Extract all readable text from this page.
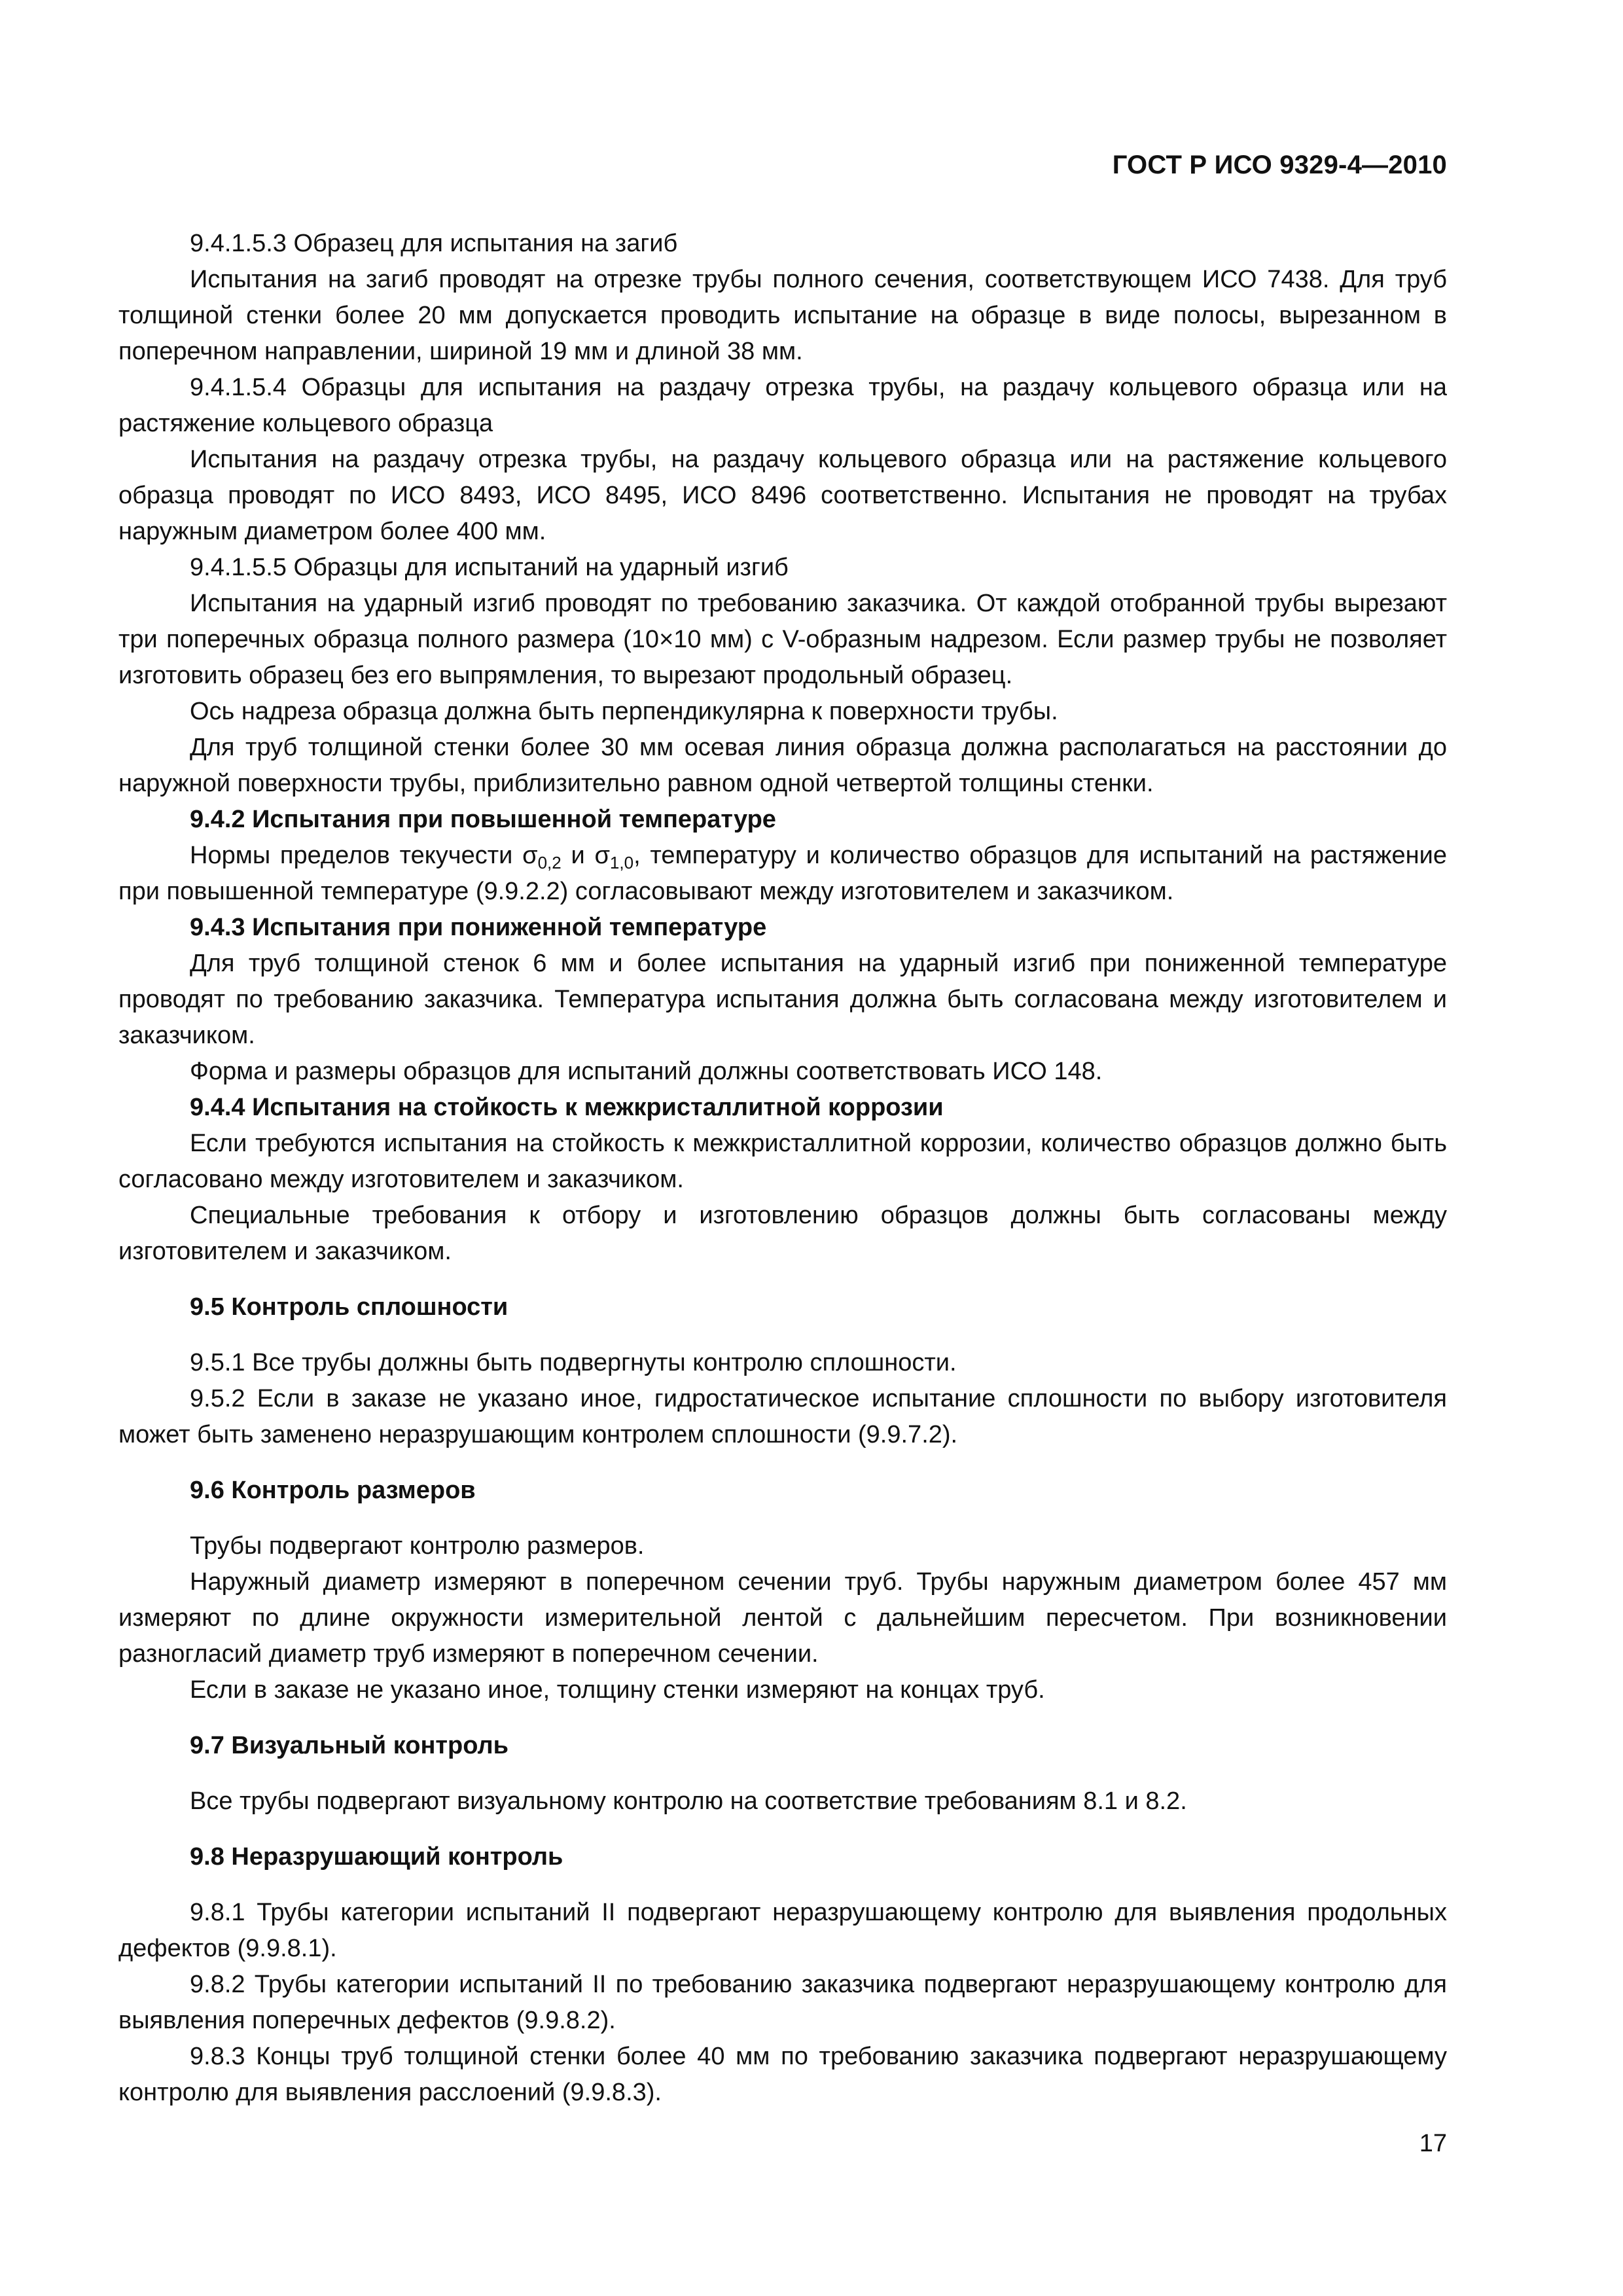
ГОСТ Р ИСО 9329-4—2010

9.4.1.5.3 Образец для испытания на загиб

Испытания на загиб проводят на отрезке трубы полного сечения, соответствующем ИСО 7438. Для труб толщиной стенки более 20 мм допускается проводить испытание на образце в виде полосы, вырезанном в поперечном направлении, шириной 19 мм и длиной 38 мм.

9.4.1.5.4 Образцы для испытания на раздачу отрезка трубы, на раздачу кольцевого образца или на растяжение кольцевого образца

Испытания на раздачу отрезка трубы, на раздачу кольцевого образца или на растяжение кольцевого образца проводят по ИСО 8493, ИСО 8495, ИСО 8496 соответственно. Испытания не проводят на трубах наружным диаметром более 400 мм.

9.4.1.5.5 Образцы для испытаний на ударный изгиб

Испытания на ударный изгиб проводят по требованию заказчика. От каждой отобранной трубы вырезают три поперечных образца полного размера (10×10 мм) с V-образным надрезом. Если размер трубы не позволяет изготовить образец без его выпрямления, то вырезают продольный образец.

Ось надреза образца должна быть перпендикулярна к поверхности трубы.

Для труб толщиной стенки более 30 мм осевая линия образца должна располагаться на расстоянии до наружной поверхности трубы, приблизительно равном одной четвертой толщины стенки.

9.4.2 Испытания при повышенной температуре

Нормы пределов текучести $\sigma_{0,2}$ и $\sigma_{1,0}$, температуру и количество образцов для испытаний на растяжение при повышенной температуре (9.9.2.2) согласовывают между изготовителем и заказчиком.

9.4.3 Испытания при пониженной температуре

Для труб толщиной стенок 6 мм и более испытания на ударный изгиб при пониженной температуре проводят по требованию заказчика. Температура испытания должна быть согласована между изготовителем и заказчиком.

Форма и размеры образцов для испытаний должны соответствовать ИСО 148.

9.4.4 Испытания на стойкость к межкристаллитной коррозии

Если требуются испытания на стойкость к межкристаллитной коррозии, количество образцов должно быть согласовано между изготовителем и заказчиком.

Специальные требования к отбору и изготовлению образцов должны быть согласованы между изготовителем и заказчиком.

9.5 Контроль сплошности

9.5.1 Все трубы должны быть подвергнуты контролю сплошности.

9.5.2 Если в заказе не указано иное, гидростатическое испытание сплошности по выбору изготовителя может быть заменено неразрушающим контролем сплошности (9.9.7.2).

9.6 Контроль размеров

Трубы подвергают контролю размеров.

Наружный диаметр измеряют в поперечном сечении труб. Трубы наружным диаметром более 457 мм измеряют по длине окружности измерительной лентой с дальнейшим пересчетом. При возникновении разногласий диаметр труб измеряют в поперечном сечении.

Если в заказе не указано иное, толщину стенки измеряют на концах труб.

9.7 Визуальный контроль

Все трубы подвергают визуальному контролю на соответствие требованиям 8.1 и 8.2.

9.8 Неразрушающий контроль

9.8.1 Трубы категории испытаний II подвергают неразрушающему контролю для выявления продольных дефектов (9.9.8.1).

9.8.2 Трубы категории испытаний II по требованию заказчика подвергают неразрушающему контролю для выявления поперечных дефектов (9.9.8.2).

9.8.3 Концы труб толщиной стенки более 40 мм по требованию заказчика подвергают неразрушающему контролю для выявления расслоений (9.9.8.3).

17
